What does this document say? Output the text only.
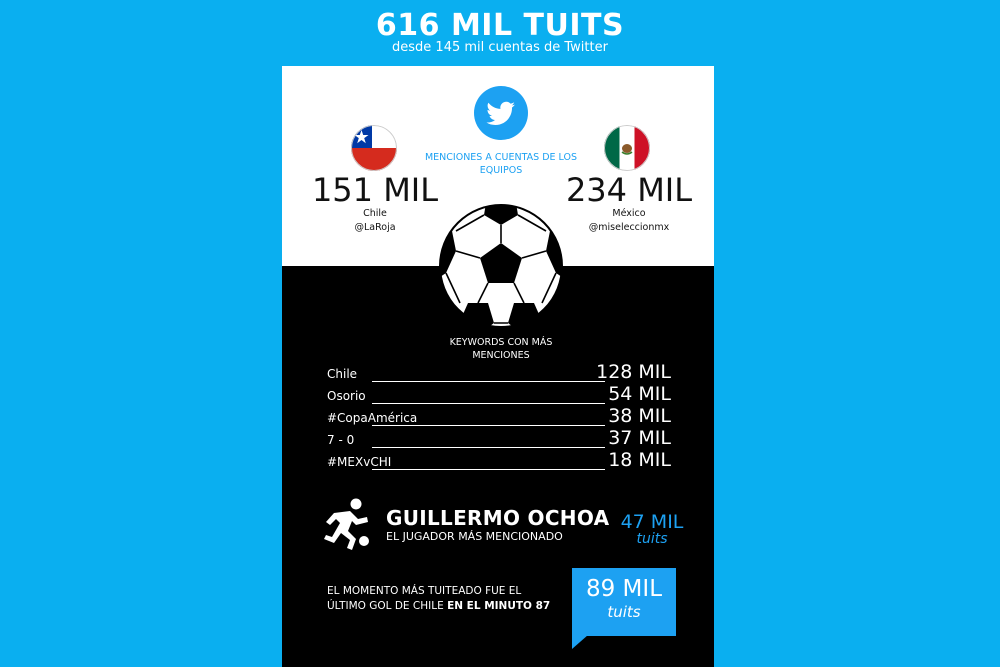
616 MIL TUITS
desde 145 mil cuentas de Twitter
MENCIONES A CUENTAS DE LOS EQUIPOS
151 MIL
Chile
@LaRoja
234 MIL
México
@miseleccionmx
KEYWORDS CON MÁS MENCIONES
Chile	128 MIL
Osorio	54 MIL
#CopaAmérica	38 MIL
7 - 0	37 MIL
#MEXvCHI	18 MIL
GUILLERMO OCHOA
EL JUGADOR MÁS MENCIONADO
47 MIL
tuits
EL MOMENTO MÁS TUITEADO FUE EL ÚLTIMO GOL DE CHILE EN EL MINUTO 87
89 MIL
tuits
